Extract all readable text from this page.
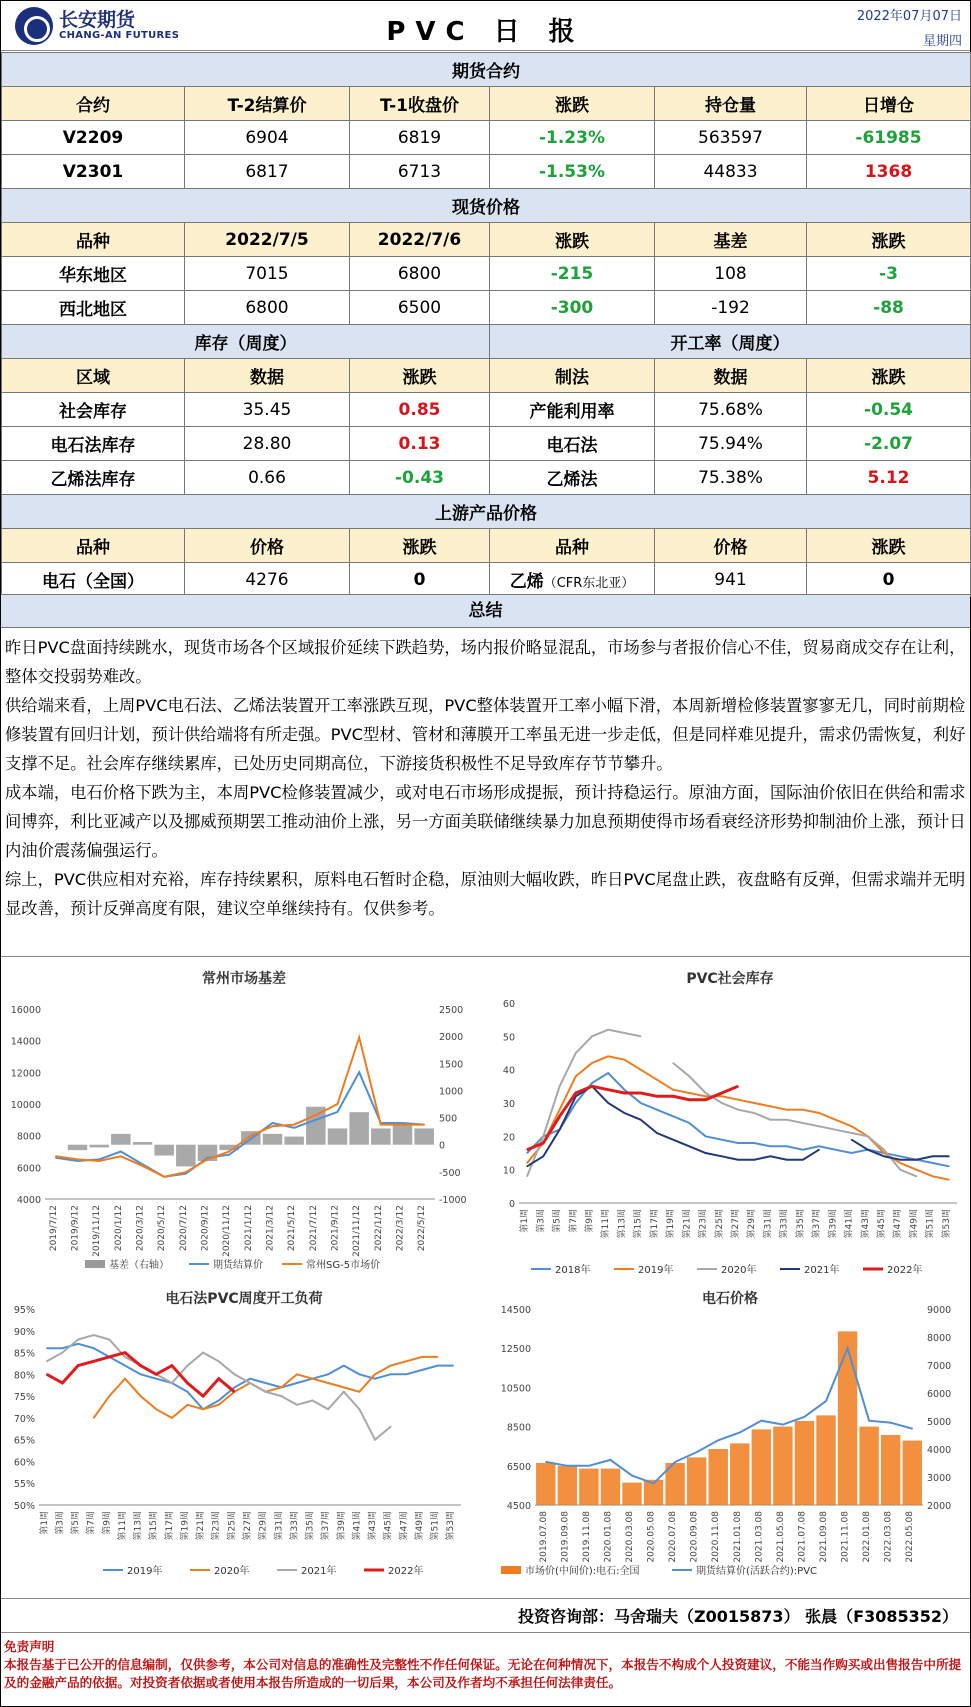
长安期货
CHANG-AN FUTURES	PVC 日 报
2022年07月07日
星期四
期货合约					
合约	T-2结算价	T-1收盘价	涨跌	持仓量	日增仓
V2209	6904	6819	-1.23%	563597	-61985
V2301	6817	6713	-1.53%	44833	1368
现货价格					
品种	2022/7/5	2022/7/6	涨跌	基差	涨跌
华东地区	7015	6800	-215	108	-3
西北地区	6800	6500	-300	-192	-88
库存（周度）			开工率（周度）		
区域	数据	涨跌	制法	数据	涨跌
社会库存	35.45	0.85	产能利用率	75.68%	-0.54
电石法库存	28.80	0.13	电石法	75.94%	-2.07
乙烯法库存	0.66	-0.43	乙烯法	75.38%	5.12
上游产品价格					
品种	价格	涨跌	品种	价格	涨跌
电石（全国）	4276	0	乙烯（CFR东北亚）	941	0
总结

昨日PVC盘面持续跳水，现货市场各个区域报价延续下跌趋势，场内报价略显混乱，市场参与者报价信心不佳，贸易商成交存在让利，整体交投弱势难改。

供给端来看，上周PVC电石法、乙烯法装置开工率涨跌互现，PVC整体装置开工率小幅下滑，本周新增检修装置寥寥无几，同时前期检修装置有回归计划，预计供给端将有所走强。PVC型材、管材和薄膜开工率虽无进一步走低，但是同样难见提升，需求仍需恢复，利好支撑不足。社会库存继续累库，已处历史同期高位，下游接货积极性不足导致库存节节攀升。

成本端，电石价格下跌为主，本周PVC检修装置减少，或对电石市场形成提振，预计持稳运行。原油方面，国际油价依旧在供给和需求间博弈，利比亚减产以及挪威预期罢工推动油价上涨，另一方面美联储继续暴力加息预期使得市场看衰经济形势抑制油价上涨，预计日内油价震荡偏强运行。

综上，PVC供应相对充裕，库存持续累积，原料电石暂时企稳，原油则大幅收跌，昨日PVC尾盘止跌，夜盘略有反弹，但需求端并无明显改善，预计反弹高度有限，建议空单继续持有。仅供参考。

常州市场基差
16000
14000
12000
10000
8000
6000
4000
2500
2000
1500
1000
500
0
-500
-1000
2019/7/12 2019/9/12 2019/11/12 2020/1/12 2020/3/12 2020/5/12 2020/7/12 2020/9/12 2020/11/12 2021/1/12 2021/3/12 2021/5/12 2021/7/12 2021/9/12 2021/11/12 2022/1/12 2022/3/12 2022/5/12
基差（右轴）	期货结算价	常州SG-5市场价
PVC社会库存
60
50
40
30
20
10
0
第1周 第3周 第5周 第7周 第9周 第11周 第13周 第15周 第17周 第19周 第21周 第23周 第25周 第27周 第29周 第31周 第33周 第35周 第37周 第39周 第41周 第43周 第45周 第47周 第49周 第51周 第53周
2018年	2019年	2020年	2021年	2022年
电石法PVC周度开工负荷
95%
90%
85%
80%
75%
70%
65%
60%
55%
50%
第1周 第3周 第5周 第7周 第9周 第11周 第13周 第15周 第17周 第19周 第21周 第23周 第25周 第27周 第29周 第31周 第33周 第35周 第37周 第39周 第41周 第43周 第45周 第47周 第49周 第51周 第53周
2019年	2020年	2021年	2022年
电石价格
14500
12500
10500
8500
6500
4500
9000
8000
7000
6000
5000
4000
3000
2000
2019.07.08 2019.09.08 2019.11.08 2020.01.08 2020.03.08 2020.05.08 2020.07.08 2020.09.08 2020.11.08 2021.01.08 2021.03.08 2021.05.08 2021.07.08 2021.09.08 2021.11.08 2022.01.08 2022.03.08 2022.05.08
市场价(中间价):电石:全国	期货结算价(活跃合约):PVC
投资咨询部：马舍瑞夫（Z0015873） 张晨（F3085352）
免责声明
本报告基于已公开的信息编制，仅供参考，本公司对信息的准确性及完整性不作任何保证。无论在何种情况下，本报告不构成个人投资建议，不能当作购买或出售报告中所提及的金融产品的依据。对投资者依据或者使用本报告所造成的一切后果，本公司及作者均不承担任何法律责任。
